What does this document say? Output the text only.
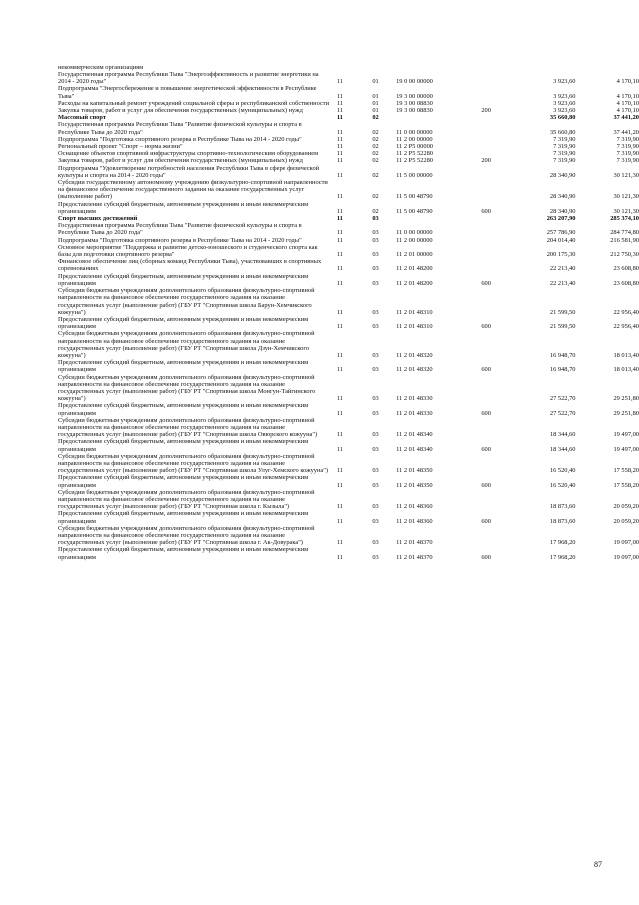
некоммерческим организациям						
Государственная программа Республики Тыва "Энергоэффективность и развитие энергетики на 2014 - 2020 годы"	11	01	19 0 00 00000		3 923,60	4 170,10
Подпрограмма "Энергосбережение и повышение энергетической эффективности в Республике Тыва"	11	01	19 3 00 00000		3 923,60	4 170,10
Расходы на капитальный ремонт учреждений социальной сферы и республиканской собственности	11	01	19 3 00 08830		3 923,60	4 170,10
Закупка товаров, работ и услуг для обеспечения государственных (муниципальных) нужд	11	01	19 3 00 08830	200	3 923,60	4 170,10
Массовый спорт	11	02			35 660,80	37 441,20
Государственная программа Республики Тыва "Развитие физической культуры и спорта в Республике Тыва до 2020 года"	11	02	11 0 00 00000		35 660,80	37 441,20
Подпрограмма "Подготовка спортивного резерва в Республике Тыва на 2014 - 2020 годы"	11	02	11 2 00 00000		7 319,90	7 319,90
Региональный проект "Спорт – норма жизни"	11	02	11 2 P5 00000		7 319,90	7 319,90
Оснащение объектов спортивной инфраструктуры спортивно-технологическим оборудованием	11	02	11 2 P5 52280		7 319,90	7 319,90
Закупка товаров, работ и услуг для обеспечения государственных (муниципальных) нужд	11	02	11 2 P5 52280	200	7 319,90	7 319,90
Подпрограмма "Удовлетворение потребностей населения Республики Тыва в сфере физической культуры и спорта на 2014 - 2020 годы"	11	02	11 5 00 00000		28 340,90	30 121,30
Субсидии государственному автономному учреждению физкультурно-спортивной направленности на финансовое обеспечение государственного задания на оказание государственных услуг (выполнение работ)	11	02	11 5 00 48790		28 340,90	30 121,30
Предоставление субсидий бюджетным, автономным учреждениям и иным некоммерческим организациям	11	02	11 5 00 48790	600	28 340,90	30 121,30
Спорт высших достижений	11	03			263 207,90	285 374,10
Государственная программа Республики Тыва "Развитие физической культуры и спорта в Республике Тыва до 2020 года"	11	03	11 0 00 00000		257 786,90	284 774,80
Подпрограмма "Подготовка спортивного резерва в Республике Тыва на 2014 - 2020 годы"	11	03	11 2 00 00000		204 014,40	216 581,90
Основное мероприятие "Поддержка и развитие детско-юношеского и студенческого спорта как базы для подготовки спортивного резерва"	11	03	11 2 01 00000		200 175,30	212 750,30
Финансовое обеспечение лиц (сборных команд Республики Тыва), участвовавших в спортивных соревнованиях	11	03	11 2 01 48200		22 213,40	23 608,80
Предоставление субсидий бюджетным, автономным учреждениям и иным некоммерческим организациям	11	03	11 2 01 48200	600	22 213,40	23 608,80
Субсидии бюджетным учреждениям дополнительного образования физкультурно-спортивной направленности на финансовое обеспечение государственного задания на оказание государственных услуг (выполнение работ) (ГБУ РТ "Спортивная школа Барун-Хемчикского кожууна")	11	03	11 2 01 48310		21 599,50	22 956,40
Предоставление субсидий бюджетным, автономным учреждениям и иным некоммерческим организациям	11	03	11 2 01 48310	600	21 599,50	22 956,40
Субсидии бюджетным учреждениям дополнительного образования физкультурно-спортивной направленности на финансовое обеспечение государственного задания на оказание государственных услуг (выполнение работ) (ГБУ РТ "Спортивная школа Дзун-Хемчикского кожууна")	11	03	11 2 01 48320		16 948,70	18 013,40
Предоставление субсидий бюджетным, автономным учреждениям и иным некоммерческим организациям	11	03	11 2 01 48320	600	16 948,70	18 013,40
Субсидии бюджетным учреждениям дополнительного образования физкультурно-спортивной направленности на финансовое обеспечение государственного задания на оказание государственных услуг (выполнение работ) (ГБУ РТ "Спортивная школа Монгун-Тайгинского кожууна")	11	03	11 2 01 48330		27 522,70	29 251,80
Предоставление субсидий бюджетным, автономным учреждениям и иным некоммерческим организациям	11	03	11 2 01 48330	600	27 522,70	29 251,80
Субсидии бюджетным учреждениям дополнительного образования физкультурно-спортивной направленности на финансовое обеспечение государственного задания на оказание государственных услуг (выполнение работ) (ГБУ РТ "Спортивная школа Овюрского кожууна")	11	03	11 2 01 48340		18 344,60	19 497,00
Предоставление субсидий бюджетным, автономным учреждениям и иным некоммерческим организациям	11	03	11 2 01 48340	600	18 344,60	19 497,00
Субсидии бюджетным учреждениям дополнительного образования физкультурно-спортивной направленности на финансовое обеспечение государственного задания на оказание государственных услуг (выполнение работ) (ГБУ РТ "Спортивная школа Улуг-Хемского кожууна")	11	03	11 2 01 48350		16 520,40	17 558,20
Предоставление субсидий бюджетным, автономным учреждениям и иным некоммерческим организациям	11	03	11 2 01 48350	600	16 520,40	17 558,20
Субсидии бюджетным учреждениям дополнительного образования физкультурно-спортивной направленности на финансовое обеспечение государственного задания на оказание государственных услуг (выполнение работ) (ГБУ РТ "Спортивная школа г. Кызыла")	11	03	11 2 01 48360		18 873,60	20 059,20
Предоставление субсидий бюджетным, автономным учреждениям и иным некоммерческим организациям	11	03	11 2 01 48360	600	18 873,60	20 059,20
Субсидии бюджетным учреждениям дополнительного образования физкультурно-спортивной направленности на финансовое обеспечение государственного задания на оказание государственных услуг (выполнение работ) (ГБУ РТ "Спортивная школа г. Ак-Довурака")	11	03	11 2 01 48370		17 968,20	19 097,00
Предоставление субсидий бюджетным, автономным учреждениям и иным некоммерческим организациям	11	03	11 2 01 48370	600	17 968,20	19 097,00
87
